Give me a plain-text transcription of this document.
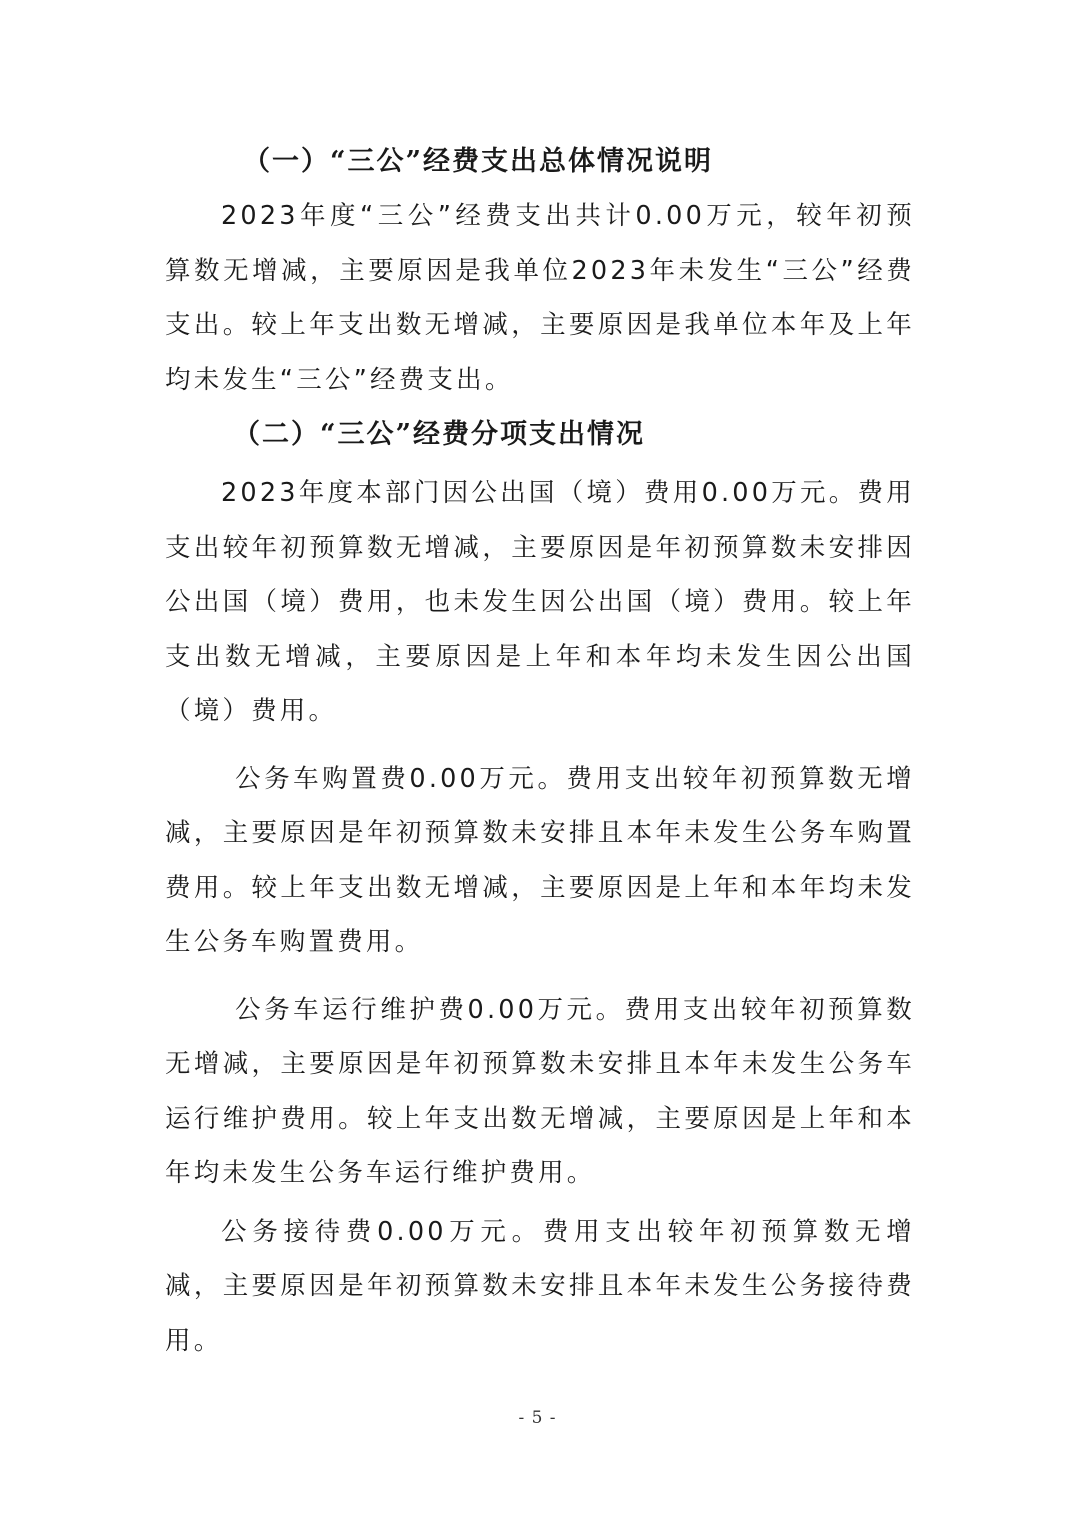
（一）“三公”经费支出总体情况说明

2023年度“三公”经费支出共计0.00万元，较年初预算数无增减，主要原因是我单位2023年未发生“三公”经费支出。较上年支出数无增减，主要原因是我单位本年及上年均未发生“三公”经费支出。

（二）“三公”经费分项支出情况

2023年度本部门因公出国（境）费用0.00万元。费用支出较年初预算数无增减，主要原因是年初预算数未安排因公出国（境）费用，也未发生因公出国（境）费用。较上年支出数无增减，主要原因是上年和本年均未发生因公出国（境）费用。

公务车购置费0.00万元。费用支出较年初预算数无增减，主要原因是年初预算数未安排且本年未发生公务车购置费用。较上年支出数无增减，主要原因是上年和本年均未发生公务车购置费用。

公务车运行维护费0.00万元。费用支出较年初预算数无增减，主要原因是年初预算数未安排且本年未发生公务车运行维护费用。较上年支出数无增减，主要原因是上年和本年均未发生公务车运行维护费用。

公务接待费0.00万元。费用支出较年初预算数无增减，主要原因是年初预算数未安排且本年未发生公务接待费用。

- 5 -
